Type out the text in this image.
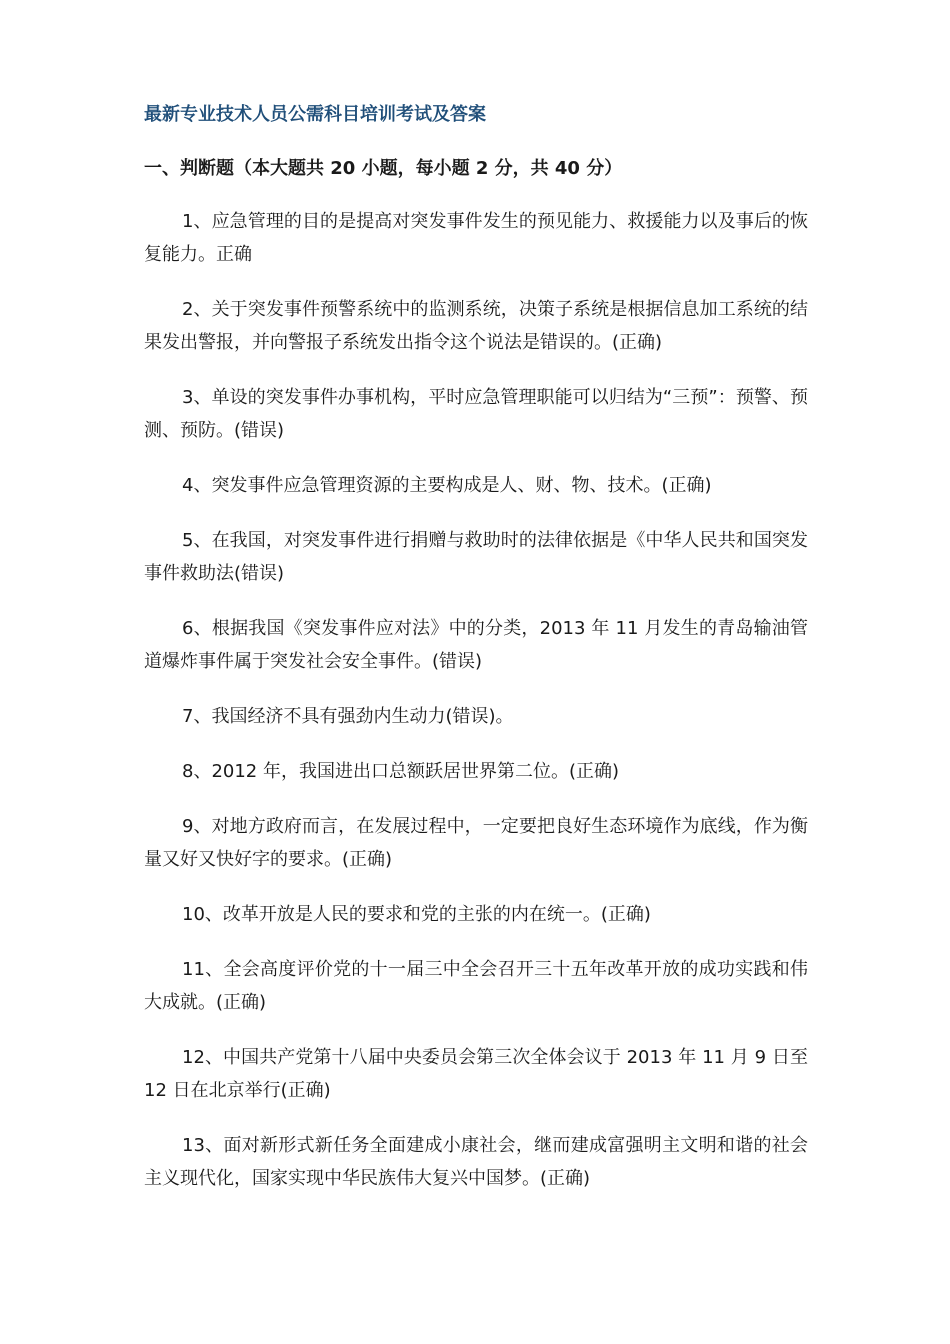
最新专业技术人员公需科目培训考试及答案
一、判断题（本大题共 20 小题，每小题 2 分，共 40 分）
1、应急管理的目的是提高对突发事件发生的预见能力、救援能力以及事后的恢复能力。正确
2、关于突发事件预警系统中的监测系统，决策子系统是根据信息加工系统的结果发出警报，并向警报子系统发出指令这个说法是错误的。(正确)
3、单设的突发事件办事机构，平时应急管理职能可以归结为“三预”：预警、预测、预防。(错误)
4、突发事件应急管理资源的主要构成是人、财、物、技术。(正确)
5、在我国，对突发事件进行捐赠与救助时的法律依据是《中华人民共和国突发事件救助法(错误)
6、根据我国《突发事件应对法》中的分类，2013 年 11 月发生的青岛输油管道爆炸事件属于突发社会安全事件。(错误)
7、我国经济不具有强劲内生动力(错误)。
8、2012 年，我国进出口总额跃居世界第二位。(正确)
9、对地方政府而言，在发展过程中，一定要把良好生态环境作为底线，作为衡量又好又快好字的要求。(正确)
10、改革开放是人民的要求和党的主张的内在统一。(正确)
11、全会高度评价党的十一届三中全会召开三十五年改革开放的成功实践和伟大成就。(正确)
12、中国共产党第十八届中央委员会第三次全体会议于 2013 年 11 月 9 日至 12 日在北京举行(正确)
13、面对新形式新任务全面建成小康社会，继而建成富强明主文明和谐的社会主义现代化，国家实现中华民族伟大复兴中国梦。(正确)
